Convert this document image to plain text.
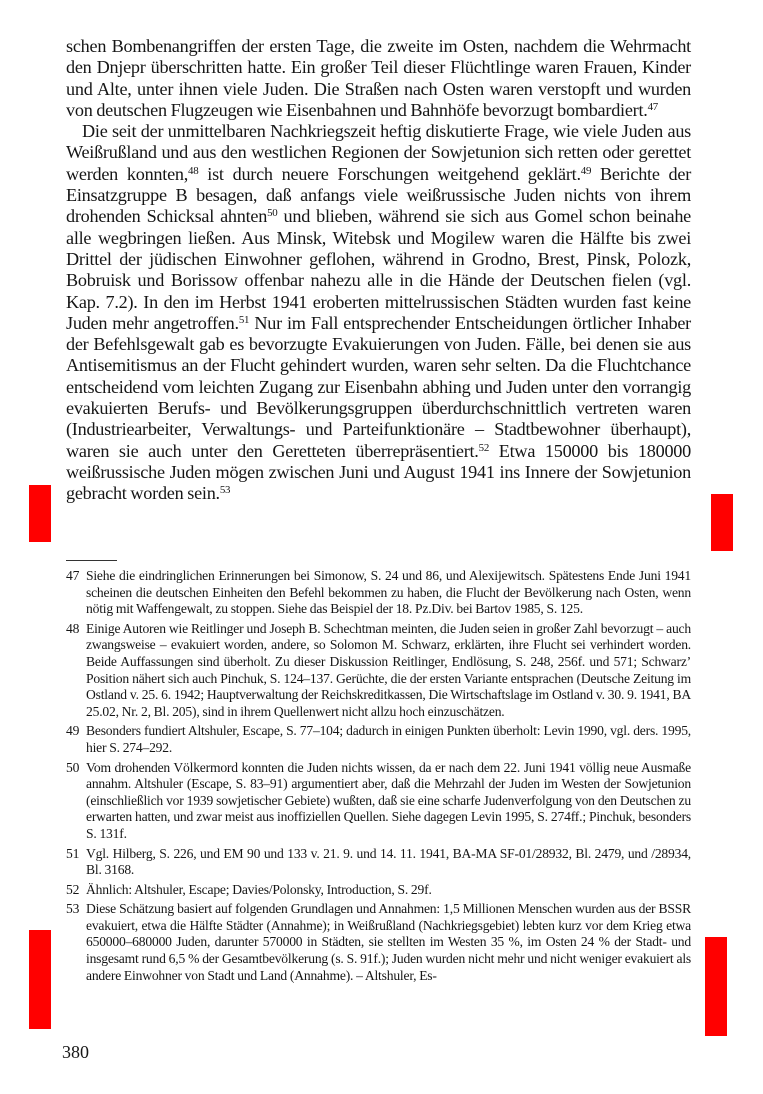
schen Bombenangriffen der ersten Tage, die zweite im Osten, nachdem die Wehrmacht den Dnjepr überschritten hatte. Ein großer Teil dieser Flüchtlinge waren Frauen, Kinder und Alte, unter ihnen viele Juden. Die Straßen nach Osten waren verstopft und wurden von deutschen Flugzeugen wie Eisenbahnen und Bahnhöfe bevorzugt bombardiert.$^{47}$

Die seit der unmittelbaren Nachkriegszeit heftig diskutierte Frage, wie viele Juden aus Weißrußland und aus den westlichen Regionen der Sowjetunion sich retten oder gerettet werden konnten,$^{48}$ ist durch neuere Forschungen weitgehend geklärt.$^{49}$ Berichte der Einsatzgruppe B besagen, daß anfangs viele weißrussische Juden nichts von ihrem drohenden Schicksal ahnten$^{50}$ und blieben, während sie sich aus Gomel schon beinahe alle wegbringen ließen. Aus Minsk, Witebsk und Mogilew waren die Hälfte bis zwei Drittel der jüdischen Einwohner geflohen, während in Grodno, Brest, Pinsk, Polozk, Bobruisk und Borissow offenbar nahezu alle in die Hände der Deutschen fielen (vgl. Kap. 7.2). In den im Herbst 1941 eroberten mittelrussischen Städten wurden fast keine Juden mehr angetroffen.$^{51}$ Nur im Fall entsprechender Entscheidungen örtlicher Inhaber der Befehlsgewalt gab es bevorzugte Evakuierungen von Juden. Fälle, bei denen sie aus Antisemitismus an der Flucht gehindert wurden, waren sehr selten. Da die Fluchtchance entscheidend vom leichten Zugang zur Eisenbahn abhing und Juden unter den vorrangig evakuierten Berufs- und Bevölkerungsgruppen überdurchschnittlich vertreten waren (Industriearbeiter, Verwaltungs- und Parteifunktionäre – Stadtbewohner überhaupt), waren sie auch unter den Geretteten überrepräsentiert.$^{52}$ Etwa 150000 bis 180000 weißrussische Juden mögen zwischen Juni und August 1941 ins Innere der Sowjetunion gebracht worden sein.$^{53}$

47 Siehe die eindringlichen Erinnerungen bei Simonow, S. 24 und 86, und Alexijewitsch. Spätestens Ende Juni 1941 scheinen die deutschen Einheiten den Befehl bekommen zu haben, die Flucht der Bevölkerung nach Osten, wenn nötig mit Waffengewalt, zu stoppen. Siehe das Beispiel der 18. Pz.Div. bei Bartov 1985, S. 125.
48 Einige Autoren wie Reitlinger und Joseph B. Schechtman meinten, die Juden seien in großer Zahl bevorzugt – auch zwangsweise – evakuiert worden, andere, so Solomon M. Schwarz, erklärten, ihre Flucht sei verhindert worden. Beide Auffassungen sind überholt. Zu dieser Diskussion Reitlinger, Endlösung, S. 248, 256f. und 571; Schwarz’ Position nähert sich auch Pinchuk, S. 124–137. Gerüchte, die der ersten Variante entsprachen (Deutsche Zeitung im Ostland v. 25. 6. 1942; Hauptverwaltung der Reichskreditkassen, Die Wirtschaftslage im Ostland v. 30. 9. 1941, BA 25.02, Nr. 2, Bl. 205), sind in ihrem Quellenwert nicht allzu hoch einzuschätzen.
49 Besonders fundiert Altshuler, Escape, S. 77–104; dadurch in einigen Punkten überholt: Levin 1990, vgl. ders. 1995, hier S. 274–292.
50 Vom drohenden Völkermord konnten die Juden nichts wissen, da er nach dem 22. Juni 1941 völlig neue Ausmaße annahm. Altshuler (Escape, S. 83–91) argumentiert aber, daß die Mehrzahl der Juden im Westen der Sowjetunion (einschließlich vor 1939 sowjetischer Gebiete) wußten, daß sie eine scharfe Judenverfolgung von den Deutschen zu erwarten hatten, und zwar meist aus inoffiziellen Quellen. Siehe dagegen Levin 1995, S. 274ff.; Pinchuk, besonders S. 131f.
51 Vgl. Hilberg, S. 226, und EM 90 und 133 v. 21. 9. und 14. 11. 1941, BA-MA SF-01/28932, Bl. 2479, und /28934, Bl. 3168.
52 Ähnlich: Altshuler, Escape; Davies/Polonsky, Introduction, S. 29f.
53 Diese Schätzung basiert auf folgenden Grundlagen und Annahmen: 1,5 Millionen Menschen wurden aus der BSSR evakuiert, etwa die Hälfte Städter (Annahme); in Weißrußland (Nachkriegsgebiet) lebten kurz vor dem Krieg etwa 650000–680000 Juden, darunter 570000 in Städten, sie stellten im Westen 35 %, im Osten 24 % der Stadt- und insgesamt rund 6,5 % der Gesamtbevölkerung (s. S. 91f.); Juden wurden nicht mehr und nicht weniger evakuiert als andere Einwohner von Stadt und Land (Annahme). – Altshuler, Es-
380
